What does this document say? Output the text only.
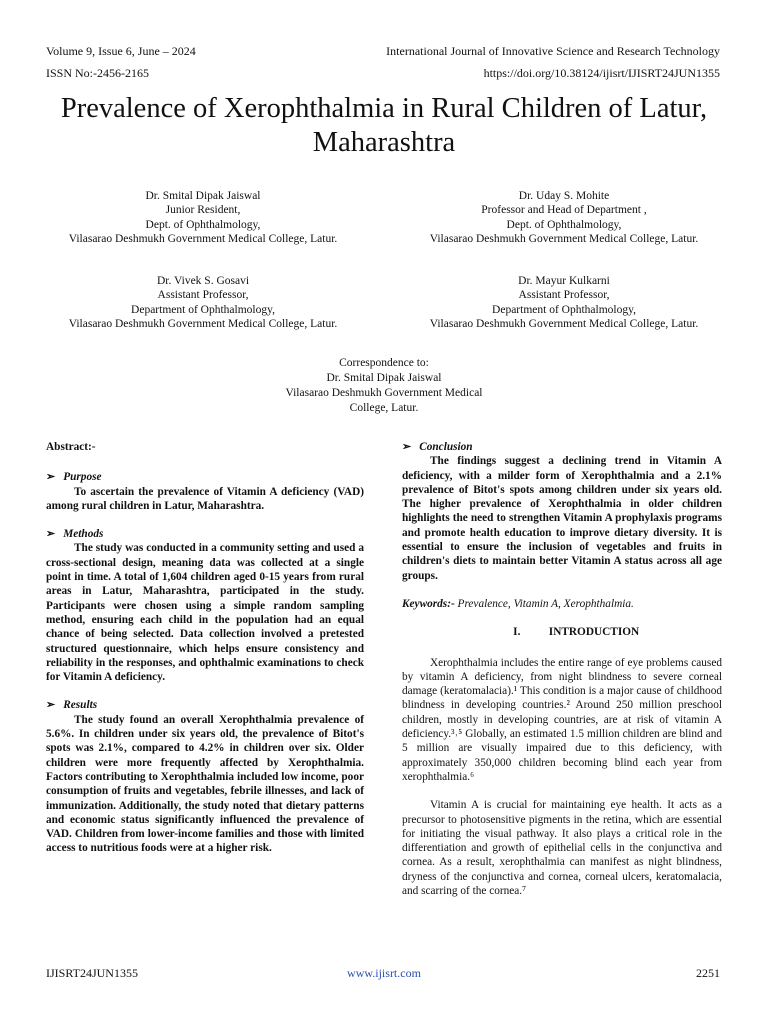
Volume 9, Issue 6, June – 2024	International Journal of Innovative Science and Research Technology
ISSN No:-2456-2165	https://doi.org/10.38124/ijisrt/IJISRT24JUN1355
Prevalence of Xerophthalmia in Rural Children of Latur, Maharashtra
Dr. Smital Dipak Jaiswal
Junior Resident,
Dept. of Ophthalmology,
Vilasarao Deshmukh Government Medical College, Latur.
Dr. Uday S. Mohite
Professor and Head of Department ,
Dept. of Ophthalmology,
Vilasarao Deshmukh Government Medical College, Latur.
Dr. Vivek S. Gosavi
Assistant Professor,
Department of Ophthalmology,
Vilasarao Deshmukh Government Medical College, Latur.
Dr. Mayur Kulkarni
Assistant Professor,
Department of Ophthalmology,
Vilasarao Deshmukh Government Medical College, Latur.
Correspondence to:
Dr. Smital Dipak Jaiswal
Vilasarao Deshmukh Government Medical
College, Latur.

Abstract:-

➢ Purpose

To ascertain the prevalence of Vitamin A deficiency (VAD) among rural children in Latur, Maharashtra.

➢ Methods

The study was conducted in a community setting and used a cross-sectional design, meaning data was collected at a single point in time. A total of 1,604 children aged 0-15 years from rural areas in Latur, Maharashtra, participated in the study. Participants were chosen using a simple random sampling method, ensuring each child in the population had an equal chance of being selected. Data collection involved a pretested structured questionnaire, which helps ensure consistency and reliability in the responses, and ophthalmic examinations to check for Vitamin A deficiency.

➢ Results

The study found an overall Xerophthalmia prevalence of 5.6%. In children under six years old, the prevalence of Bitot's spots was 2.1%, compared to 4.2% in children over six. Older children were more frequently affected by Xerophthalmia. Factors contributing to Xerophthalmia included low income, poor consumption of fruits and vegetables, febrile illnesses, and lack of immunization. Additionally, the study noted that dietary patterns and economic status significantly influenced the prevalence of VAD. Children from lower-income families and those with limited access to nutritious foods were at a higher risk.

➢ Conclusion

The findings suggest a declining trend in Vitamin A deficiency, with a milder form of Xerophthalmia and a 2.1% prevalence of Bitot's spots among children under six years old. The higher prevalence of Xerophthalmia in older children highlights the need to strengthen Vitamin A prophylaxis programs and promote health education to improve dietary diversity. It is essential to ensure the inclusion of vegetables and fruits in children's diets to maintain better Vitamin A status across all age groups.

Keywords:- Prevalence, Vitamin A, Xerophthalmia.

I.	INTRODUCTION

Xerophthalmia includes the entire range of eye problems caused by vitamin A deficiency, from night blindness to severe corneal damage (keratomalacia).¹ This condition is a major cause of childhood blindness in developing countries.² Around 250 million preschool children, mostly in developing countries, are at risk of vitamin A deficiency.³˒⁵ Globally, an estimated 1.5 million children are blind and 5 million are visually impaired due to this deficiency, with approximately 350,000 children becoming blind each year from xerophthalmia.⁶

Vitamin A is crucial for maintaining eye health. It acts as a precursor to photosensitive pigments in the retina, which are essential for initiating the visual pathway. It also plays a critical role in the differentiation and growth of epithelial cells in the conjunctiva and cornea. As a result, xerophthalmia can manifest as night blindness, dryness of the conjunctiva and cornea, corneal ulcers, keratomalacia, and scarring of the cornea.⁷

IJISRT24JUN1355	www.ijisrt.com	2251
